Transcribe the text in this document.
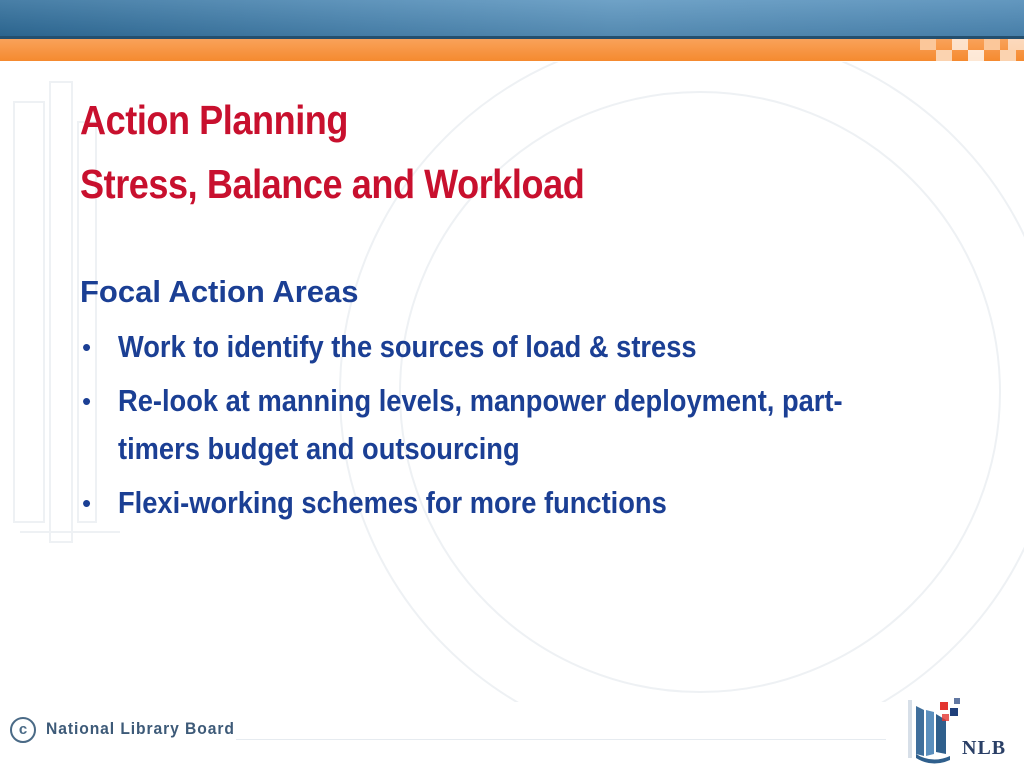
Action Planning
Stress, Balance and Workload
Focal Action Areas
• Work to identify the sources of load & stress
• Re-look at manning levels, manpower deployment, part-timers budget and outsourcing
• Flexi-working schemes for more functions
c	National Library Board
NLB
